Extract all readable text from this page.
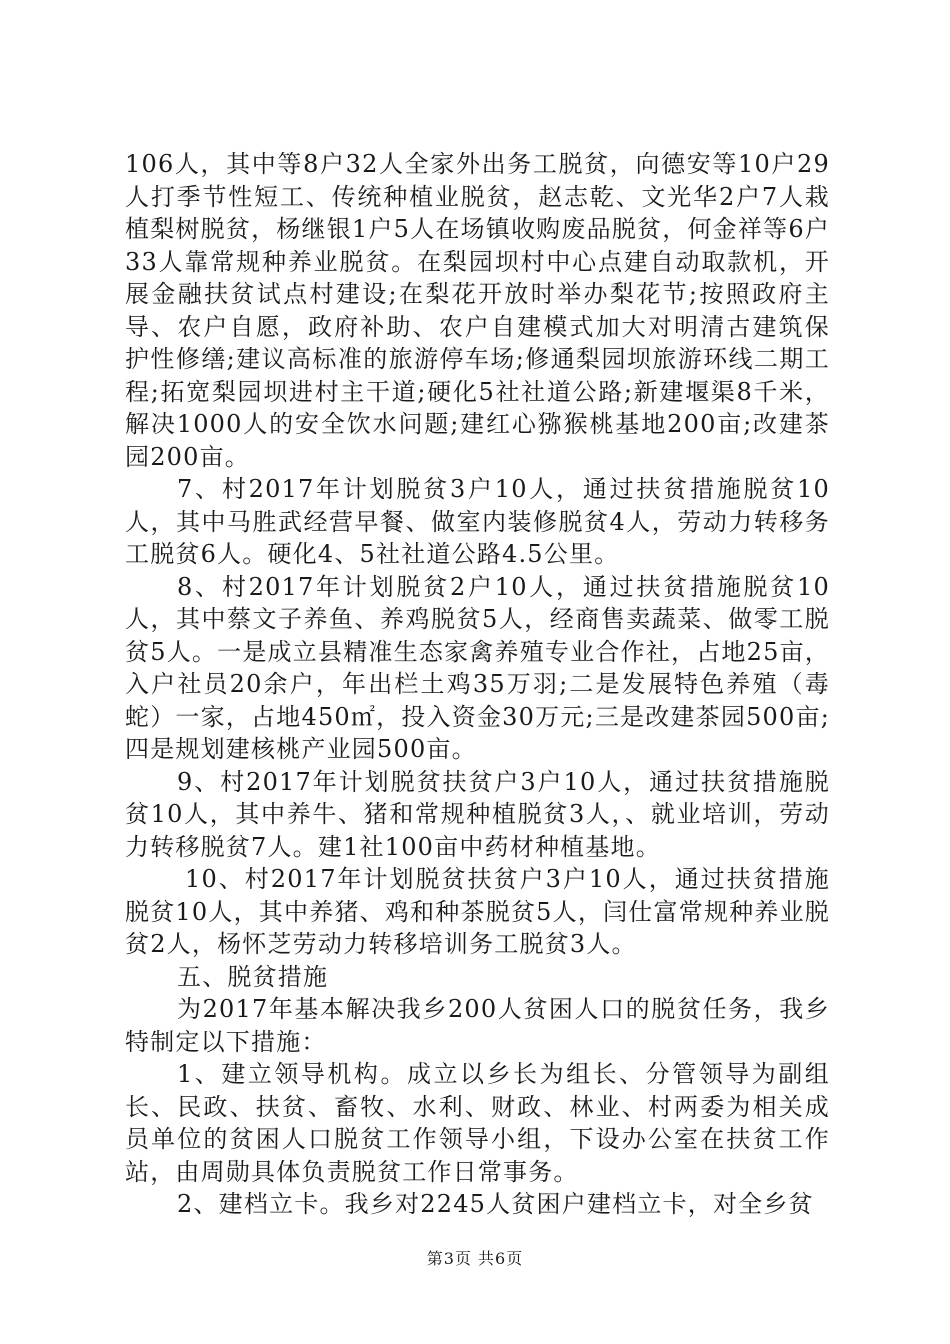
106人，其中等8户32人全家外出务工脱贫，向德安等10户29人打季节性短工、传统种植业脱贫，赵志乾、文光华2户7人栽植梨树脱贫，杨继银1户5人在场镇收购废品脱贫，何金祥等6户33人靠常规种养业脱贫。在梨园坝村中心点建自动取款机，开展金融扶贫试点村建设;在梨花开放时举办梨花节;按照政府主导、农户自愿，政府补助、农户自建模式加大对明清古建筑保护性修缮;建议高标准的旅游停车场;修通梨园坝旅游环线二期工程;拓宽梨园坝进村主干道;硬化5社社道公路;新建堰渠8千米，解决1000人的安全饮水问题;建红心猕猴桃基地200亩;改建茶园200亩。

7、村2017年计划脱贫3户10人，通过扶贫措施脱贫10人，其中马胜武经营早餐、做室内装修脱贫4人，劳动力转移务工脱贫6人。硬化4、5社社道公路4.5公里。

8、村2017年计划脱贫2户10人，通过扶贫措施脱贫10人，其中蔡文子养鱼、养鸡脱贫5人，经商售卖蔬菜、做零工脱贫5人。一是成立县精准生态家禽养殖专业合作社，占地25亩，入户社员20余户，年出栏土鸡35万羽;二是发展特色养殖（毒蛇）一家，占地450㎡，投入资金30万元;三是改建茶园500亩;四是规划建核桃产业园500亩。

9、村2017年计划脱贫扶贫户3户10人，通过扶贫措施脱贫10人，其中养牛、猪和常规种植脱贫3人，、就业培训，劳动力转移脱贫7人。建1社100亩中药材种植基地。

10、村2017年计划脱贫扶贫户3户10人，通过扶贫措施脱贫10人，其中养猪、鸡和种茶脱贫5人，闫仕富常规种养业脱贫2人，杨怀芝劳动力转移培训务工脱贫3人。

五、脱贫措施

为2017年基本解决我乡200人贫困人口的脱贫任务，我乡特制定以下措施：

1、建立领导机构。成立以乡长为组长、分管领导为副组长、民政、扶贫、畜牧、水利、财政、林业、村两委为相关成员单位的贫困人口脱贫工作领导小组，下设办公室在扶贫工作站，由周勋具体负责脱贫工作日常事务。

2、建档立卡。我乡对2245人贫困户建档立卡，对全乡贫

第3页 共6页
